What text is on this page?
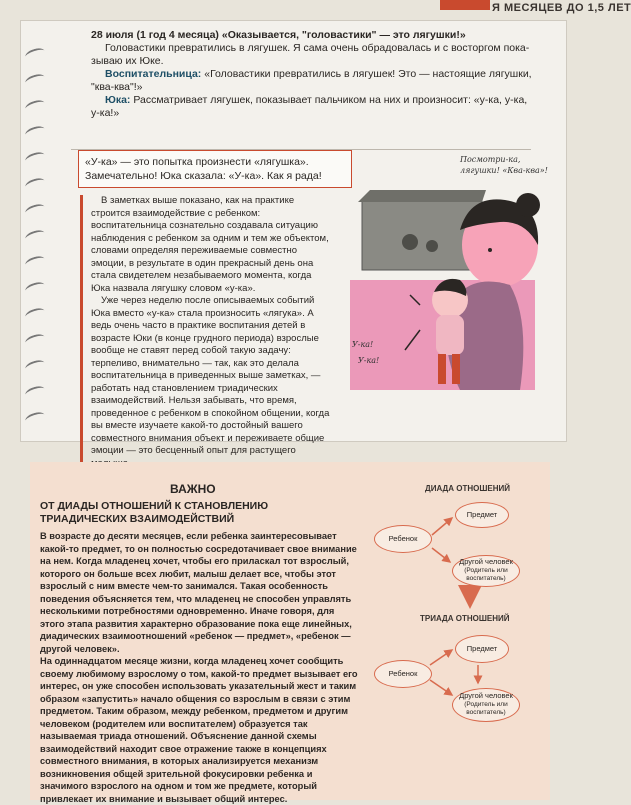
Я МЕСЯЦЕВ ДО 1,5 ЛЕТ

28 июля (1 год 4 месяца) «Оказывается, "головастики" — это лягушки!»

Головастики превратились в лягушек. Я сама очень обрадовалась и с восторгом пока-

зываю их Юке.

Воспитательница: «Головастики превратились в лягушек! Это — настоящие лягушки,

"ква-ква"!»

Юка: Рассматривает лягушек, показывает пальчиком на них и произносит: «у-ка, у-ка,

у-ка!»

«У-ка» — это попытка произнести «лягушка». Замечательно! Юка сказала: «У-ка». Как я рада!

В заметках выше показано, как на практике строится взаимодействие с ребенком: воспитательница сознательно создавала ситуацию наблюдения с ребенком за одним и тем же объектом, словами определяя переживаемые совместно эмоции, в результате в один прекрасный день она стала свидетелем незабываемого момента, когда Юка назвала лягушку словом «у-ка».

Уже через неделю после описываемых событий Юка вместо «у-ка» стала произносить «лягука». А ведь очень часто в практике воспитания детей в возрасте Юки (в конце грудного периода) взрослые вообще не ставят перед собой такую задачу: терпеливо, внимательно — так, как это делала воспитательница в приведенных выше заметках, — работать над становлением триадических взаимодействий. Нельзя забывать, что время, проведенное с ребенком в спокойном общении, когда вы вместе изучаете какой-то достойный вашего совместного внимания объект и переживаете общие эмоции — это бесценный опыт для растущего

Посмотри-ка, лягушки! «Ква-ква»!
У-ка!
У-ка!
ВАЖНО
ОТ ДИАДЫ ОТНОШЕНИЙ К СТАНОВЛЕНИЮ ТРИАДИЧЕСКИХ ВЗАИМОДЕЙСТВИЙ

В возрасте до десяти месяцев, если ребенка заинтересовывает какой-то предмет, то он полностью сосредотачивает свое внимание на нем. Когда младенец хочет, чтобы его приласкал тот взрослый, которого он больше всех любит, малыш делает все, чтобы этот взрослый с ним вместе чем-то занимался. Такая особенность поведения объясняется тем, что младенец не способен управлять несколькими потребностями одновременно. Иначе говоря, для этого этапа развития характерно образование пока еще линейных, диадических взаимоотношений «ребенок — предмет», «ребенок — другой человек».

На одиннадцатом месяце жизни, когда младенец хочет сообщить своему любимому взрослому о том, какой-то предмет вызывает его интерес, он уже способен использовать указательный жест и таким образом «запустить» начало общения со взрослым в связи с этим предметом. Таким образом, между ребенком, предметом и другим человеком (родителем или воспитателем) образуется так называемая триада отношений. Объяснение данной схемы взаимодействий находит свое отражение также в концепциях совместного внимания, в которых анализируется механизм возникновения общей зрительной фокусировки ребенка и значимого взрослого на одном и том же предмете, который привлекает их внимание и вызывает общий интерес.

ДИАДА ОТНОШЕНИЙ
Ребенок
Предмет
Другой человек
(Родитель или воспитатель)
ТРИАДА ОТНОШЕНИЙ
Ребенок
Предмет
Другой человек
(Родитель или воспитатель)
